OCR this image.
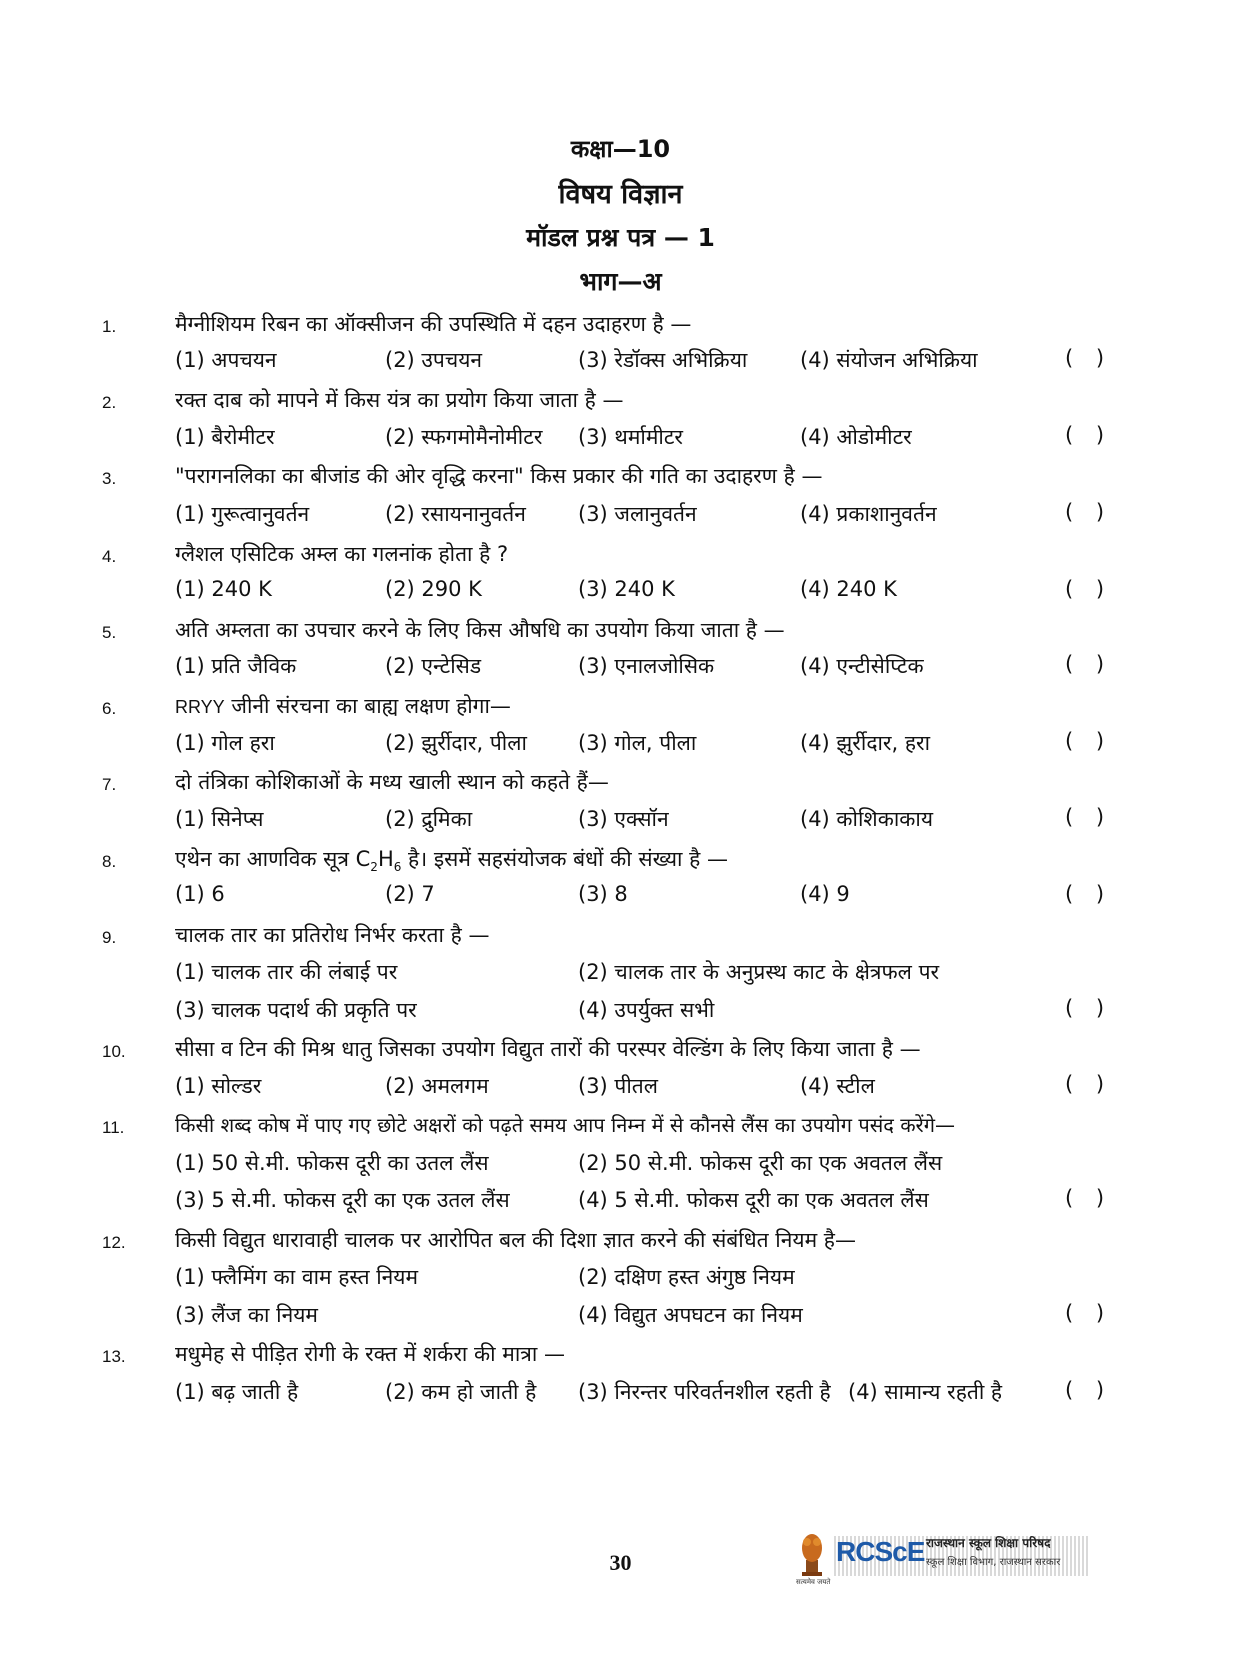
कक्षा—10
विषय विज्ञान
मॉडल प्रश्न पत्र — 1
भाग—अ
1.	मैग्नीशियम रिबन का ऑक्सीजन की उपस्थिति में दहन उदाहरण है —
(1) अपचयन	(2) उपचयन	(3) रेडॉक्स अभिक्रिया	(4) संयोजन अभिक्रिया	( )
2.	रक्त दाब को मापने में किस यंत्र का प्रयोग किया जाता है —
(1) बैरोमीटर	(2) स्फगमोमैनोमीटर (3) थर्मामीटर	(4) ओडोमीटर	( )
3.	"परागनलिका का बीजांड की ओर वृद्धि करना" किस प्रकार की गति का उदाहरण है —
(1) गुरूत्वानुवर्तन	(2) रसायनानुवर्तन (3) जलानुवर्तन	(4) प्रकाशानुवर्तन	( )
4.	ग्लैशल एसिटिक अम्ल का गलनांक होता है ?
(1) 240 K	(2) 290 K	(3) 240 K	(4) 240 K	( )
5.	अति अम्लता का उपचार करने के लिए किस औषधि का उपयोग किया जाता है —
(1) प्रति जैविक	(2) एन्टेसिड	(3) एनालजोसिक	(4) एन्टीसेप्टिक	( )
6.	RRYY जीनी संरचना का बाह्य लक्षण होगा—
(1) गोल हरा	(2) झुर्रीदार, पीला (3) गोल, पीला	(4) झुर्रीदार, हरा	( )
7.	दो तंत्रिका कोशिकाओं के मध्य खाली स्थान को कहते हैं—
(1) सिनेप्स	(2) द्रुमिका	(3) एक्सॉन	(4) कोशिकाकाय	( )
8.	एथेन का आणविक सूत्र $C_2H_6$ है। इसमें सहसंयोजक बंधों की संख्या है —
(1) 6	(2) 7	(3) 8	(4) 9	( )
9.	चालक तार का प्रतिरोध निर्भर करता है —
(1) चालक तार की लंबाई पर	(2) चालक तार के अनुप्रस्थ काट के क्षेत्रफल पर
(3) चालक पदार्थ की प्रकृति पर	(4) उपर्युक्त सभी	( )
10. सीसा व टिन की मिश्र धातु जिसका उपयोग विद्युत तारों की परस्पर वेल्डिंग के लिए किया जाता है —
(1) सोल्डर	(2) अमलगम	(3) पीतल	(4) स्टील	( )
11.	किसी शब्द कोष में पाए गए छोटे अक्षरों को पढ़ते समय आप निम्न में से कौनसे लैंस का उपयोग पसंद करेंगे—
(1) 50 से.मी. फोकस दूरी का उतल लैंस	(2) 50 से.मी. फोकस दूरी का एक अवतल लैंस
(3) 5 से.मी. फोकस दूरी का एक उतल लैंस	(4) 5 से.मी. फोकस दूरी का एक अवतल लैंस	( )
12. किसी विद्युत धारावाही चालक पर आरोपित बल की दिशा ज्ञात करने की संबंधित नियम है—
(1) फ्लैमिंग का वाम हस्त नियम	(2) दक्षिण हस्त अंगुष्ठ नियम
(3) लैंज का नियम	(4) विद्युत अपघटन का नियम	( )
13. मधुमेह से पीड़ित रोगी के रक्त में शर्करा की मात्रा —
(1) बढ़ जाती है	(2) कम हो जाती है (3) निरन्तर परिवर्तनशील रहती है (4) सामान्य रहती है	( )
30
सत्यमेव जयते
RCScE राजस्थान स्कूल शिक्षा परिषद
स्कूल शिक्षा विभाग, राजस्थान सरकार
